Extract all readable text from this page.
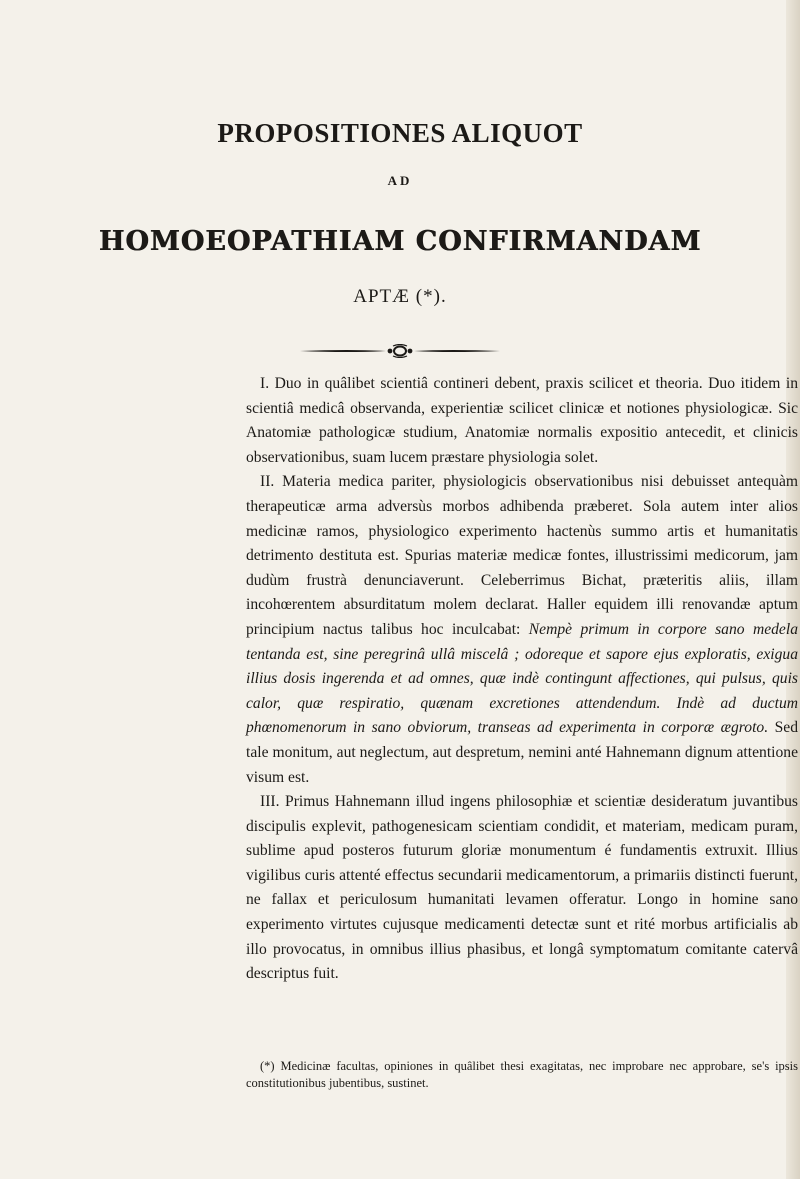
PROPOSITIONES ALIQUOT
AD
HOMOEOPATHIAM CONFIRMANDAM
APTÆ (*).

I. Duo in quâlibet scientiâ contineri debent, praxis scilicet et theoria. Duo itidem in scientiâ medicâ observanda, experientiæ scilicet clinicæ et notiones physiologicæ. Sic Anatomiæ pathologicæ studium, Anatomiæ normalis expositio antecedit, et clinicis observationibus, suam lucem præstare physiologia solet.

II. Materia medica pariter, physiologicis observationibus nisi debuisset antequàm therapeuticæ arma adversùs morbos adhibenda præberet. Sola autem inter alios medicinæ ramos, physiologico experimento hactenùs summo artis et humanitatis detrimento destituta est. Spurias materiæ medicæ fontes, illustrissimi medicorum, jam dudùm frustrà denunciaverunt. Celeberrimus Bichat, præteritis aliis, illam incohœrentem absurditatum molem declarat. Haller equidem illi renovandæ aptum principium nactus talibus hoc inculcabat: Nempè primum in corpore sano medela tentanda est, sine peregrinâ ullâ miscelâ ; odoreque et sapore ejus exploratis, exigua illius dosis ingerenda et ad omnes, quæ indè contingunt affectiones, qui pulsus, quis calor, quæ respiratio, quænam excretiones attendendum. Indè ad ductum phœnomenorum in sano obviorum, transeas ad experimenta in corporæ ægroto. Sed tale monitum, aut neglectum, aut despretum, nemini anté Hahnemann dignum attentione visum est.

III. Primus Hahnemann illud ingens philosophiæ et scientiæ desideratum juvantibus discipulis explevit, pathogenesicam scientiam condidit, et materiam, medicam puram, sublime apud posteros futurum gloriæ monumentum é fundamentis extruxit. Illius vigilibus curis attenté effectus secundarii medicamentorum, a primariis distincti fuerunt, ne fallax et periculosum humanitati levamen offeratur. Longo in homine sano experimento virtutes cujusque medicamenti detectæ sunt et rité morbus artificialis ab illo provocatus, in omnibus illius phasibus, et longâ symptomatum comitante catervâ descriptus fuit.

(*) Medicinæ facultas, opiniones in quâlibet thesi exagitatas, nec improbare nec approbare, se's ipsis constitutionibus jubentibus, sustinet.
